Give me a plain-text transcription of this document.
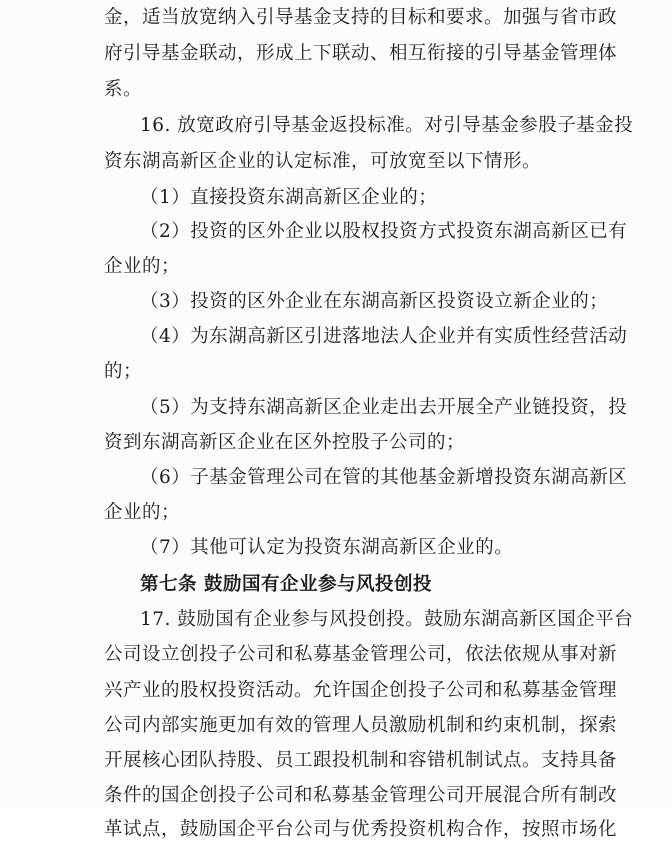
金，适当放宽纳入引导基金支持的目标和要求。加强与省市政
府引导基金联动，形成上下联动、相互衔接的引导基金管理体
系。
16. 放宽政府引导基金返投标准。对引导基金参股子基金投
资东湖高新区企业的认定标准，可放宽至以下情形。
（1）直接投资东湖高新区企业的；
（2）投资的区外企业以股权投资方式投资东湖高新区已有
企业的；
（3）投资的区外企业在东湖高新区投资设立新企业的；
（4）为东湖高新区引进落地法人企业并有实质性经营活动
的；
（5）为支持东湖高新区企业走出去开展全产业链投资，投
资到东湖高新区企业在区外控股子公司的；
（6）子基金管理公司在管的其他基金新增投资东湖高新区
企业的；
（7）其他可认定为投资东湖高新区企业的。
第七条 鼓励国有企业参与风投创投
17. 鼓励国有企业参与风投创投。鼓励东湖高新区国企平台
公司设立创投子公司和私募基金管理公司，依法依规从事对新
兴产业的股权投资活动。允许国企创投子公司和私募基金管理
公司内部实施更加有效的管理人员激励机制和约束机制，探索
开展核心团队持股、员工跟投机制和容错机制试点。支持具备
条件的国企创投子公司和私募基金管理公司开展混合所有制改
革试点，鼓励国企平台公司与优秀投资机构合作，按照市场化
